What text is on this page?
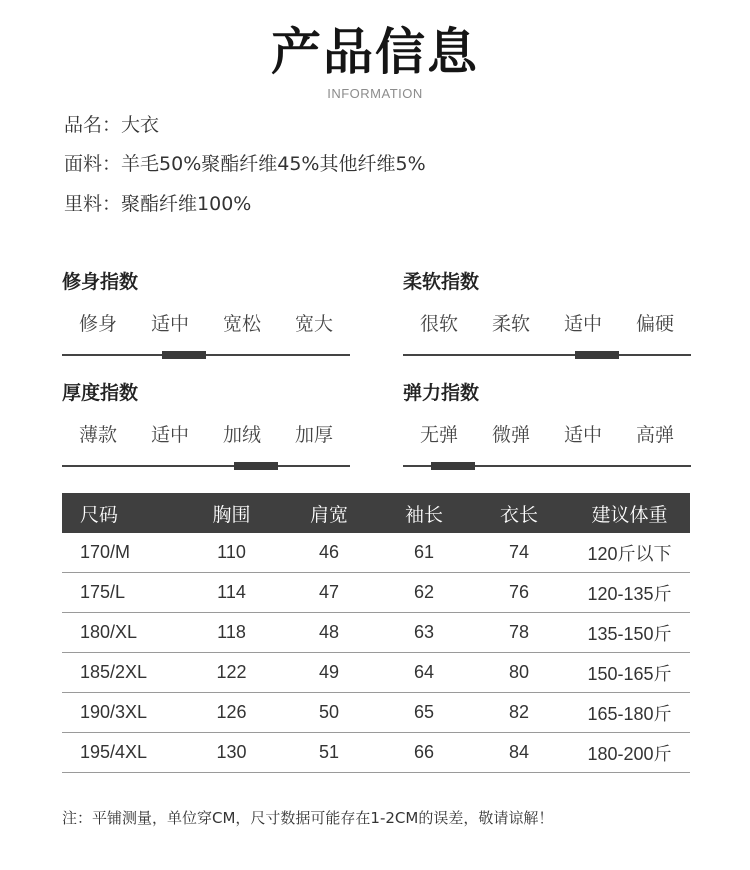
产品信息
INFORMATION
品名：大衣
面料：羊毛50%聚酯纤维45%其他纤维5%
里料：聚酯纤维100%
修身指数
修身	适中	宽松	宽大
柔软指数
很软	柔软	适中	偏硬
厚度指数
薄款	适中	加绒	加厚
弹力指数
无弹	微弹	适中	高弹
尺码	胸围	肩宽	袖长	衣长	建议体重
170/M	110	46	61	74	120斤以下
175/L	114	47	62	76	120-135斤
180/XL	118	48	63	78	135-150斤
185/2XL	122	49	64	80	150-165斤
190/3XL	126	50	65	82	165-180斤
195/4XL	130	51	66	84	180-200斤
注：平铺测量，单位穿CM，尺寸数据可能存在1-2CM的误差，敬请谅解！
